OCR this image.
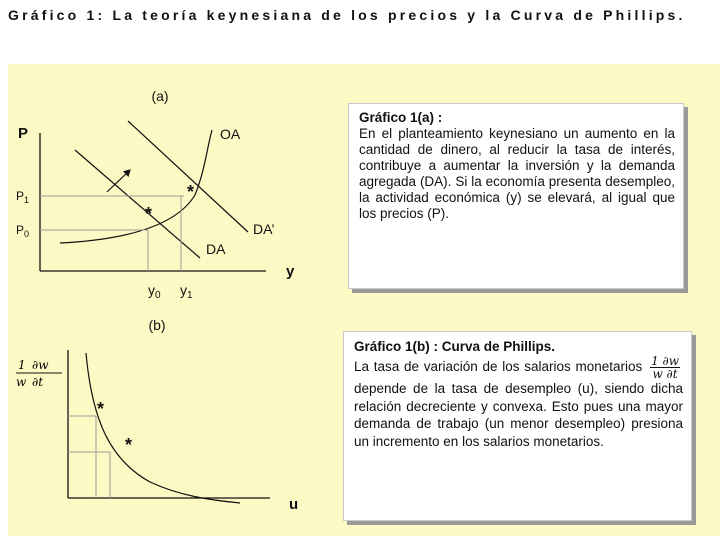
Gráfico 1: La teoría keynesiana de los precios y la Curva de Phillips.
(a)
P
y
OA
DA
DA’
*
*
$P_1$
$P_0$
$y_0$ $y_1$
(b)
1 ∂w
w ∂t
u
*
*
Gráfico 1(a) :

En el planteamiento keynesiano un aumento en la cantidad de dinero, al reducir la tasa de interés, contribuye a aumentar la inversión y la demanda agregada (DA). Si la economía presenta desempleo, la actividad económica (y) se elevará, al igual que los precios (P).

Gráfico 1(b) : Curva de Phillips.

La tasa de variación de los salarios monetarios $\frac{1 \partial w}{w \partial t}$
depende de la tasa de desempleo (u), siendo dicha relación decreciente y convexa. Esto pues una mayor demanda de trabajo (un menor desempleo) presiona un incremento en los salarios monetarios.
